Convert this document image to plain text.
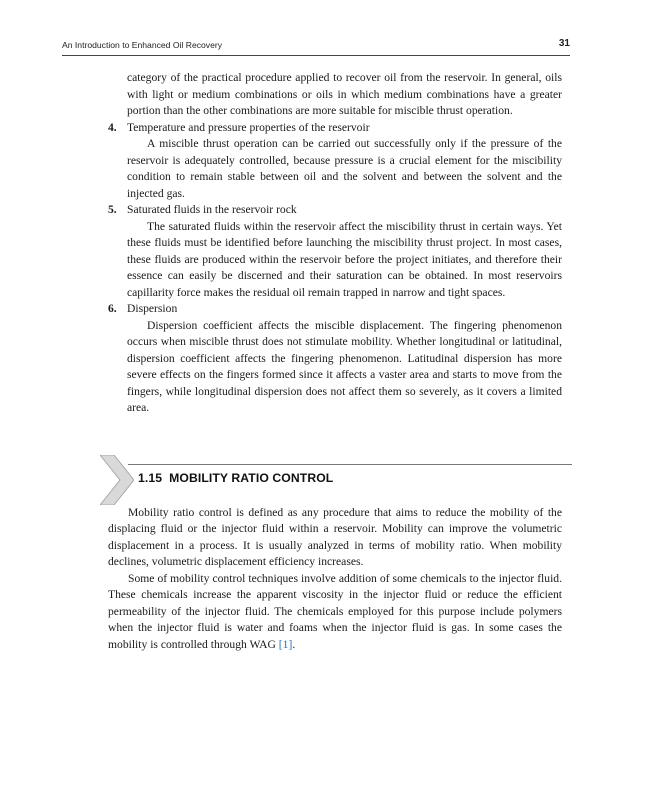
An Introduction to Enhanced Oil Recovery	31

category of the practical procedure applied to recover oil from the reservoir. In general, oils with light or medium combinations or oils in which medium combinations have a greater portion than the other combinations are more suitable for miscible thrust operation.

4. Temperature and pressure properties of the reservoir

A miscible thrust operation can be carried out successfully only if the pressure of the reservoir is adequately controlled, because pressure is a crucial element for the miscibility condition to remain stable between oil and the solvent and between the solvent and the injected gas.

5. Saturated fluids in the reservoir rock

The saturated fluids within the reservoir affect the miscibility thrust in certain ways. Yet these fluids must be identified before launching the miscibility thrust project. In most cases, these fluids are produced within the reservoir before the project initiates, and therefore their essence can easily be discerned and their saturation can be obtained. In most reservoirs capillarity force makes the residual oil remain trapped in narrow and tight spaces.

6. Dispersion

Dispersion coefficient affects the miscible displacement. The fingering phenomenon occurs when miscible thrust does not stimulate mobility. Whether longitudinal or latitudinal, dispersion coefficient affects the fingering phenomenon. Latitudinal dispersion has more severe effects on the fingers formed since it affects a vaster area and starts to move from the fingers, while longitudinal dispersion does not affect them so severely, as it covers a limited area.

1.15 MOBILITY RATIO CONTROL

Mobility ratio control is defined as any procedure that aims to reduce the mobility of the displacing fluid or the injector fluid within a reservoir. Mobility can improve the volumetric displacement in a process. It is usually analyzed in terms of mobility ratio. When mobility declines, volumetric displacement efficiency increases.

Some of mobility control techniques involve addition of some chemicals to the injector fluid. These chemicals increase the apparent viscosity in the injector fluid or reduce the efficient permeability of the injector fluid. The chemicals employed for this purpose include polymers when the injector fluid is water and foams when the injector fluid is gas. In some cases the mobility is controlled through WAG [1].
